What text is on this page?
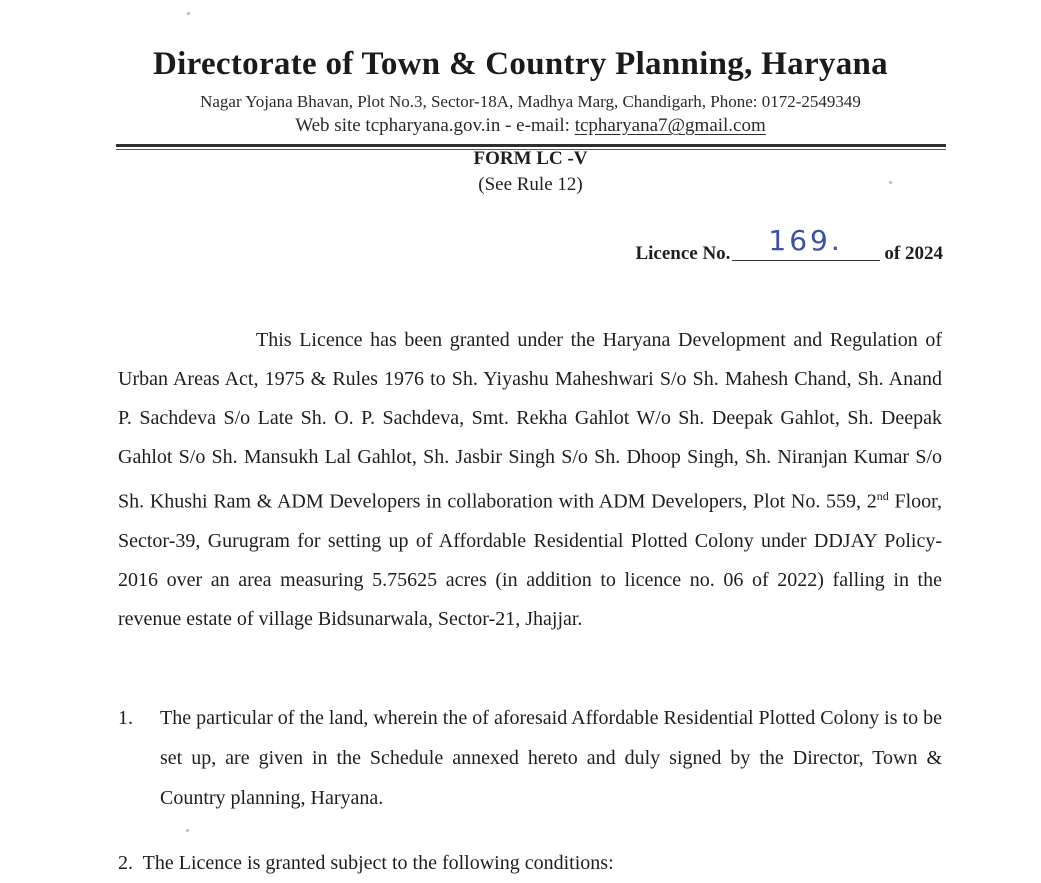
Directorate of Town & Country Planning, Haryana
Nagar Yojana Bhavan, Plot No.3, Sector-18A, Madhya Marg, Chandigarh, Phone: 0172-2549349
Web site tcpharyana.gov.in - e-mail: tcpharyana7@gmail.com
FORM LC -V
(See Rule 12)
Licence No. 169. of 2024

This Licence has been granted under the Haryana Development and Regulation of Urban Areas Act, 1975 & Rules 1976 to Sh. Yiyashu Maheshwari S/o Sh. Mahesh Chand, Sh. Anand P. Sachdeva S/o Late Sh. O. P. Sachdeva, Smt. Rekha Gahlot W/o Sh. Deepak Gahlot, Sh. Deepak Gahlot S/o Sh. Mansukh Lal Gahlot, Sh. Jasbir Singh S/o Sh. Dhoop Singh, Sh. Niranjan Kumar S/o Sh. Khushi Ram & ADM Developers in collaboration with ADM Developers, Plot No. 559, 2nd Floor, Sector-39, Gurugram for setting up of Affordable Residential Plotted Colony under DDJAY Policy-2016 over an area measuring 5.75625 acres (in addition to licence no. 06 of 2022) falling in the revenue estate of village Bidsunarwala, Sector-21, Jhajjar.

1. The particular of the land, wherein the of aforesaid Affordable Residential Plotted Colony is to be set up, are given in the Schedule annexed hereto and duly signed by the Director, Town & Country planning, Haryana.

2. The Licence is granted subject to the following conditions:
